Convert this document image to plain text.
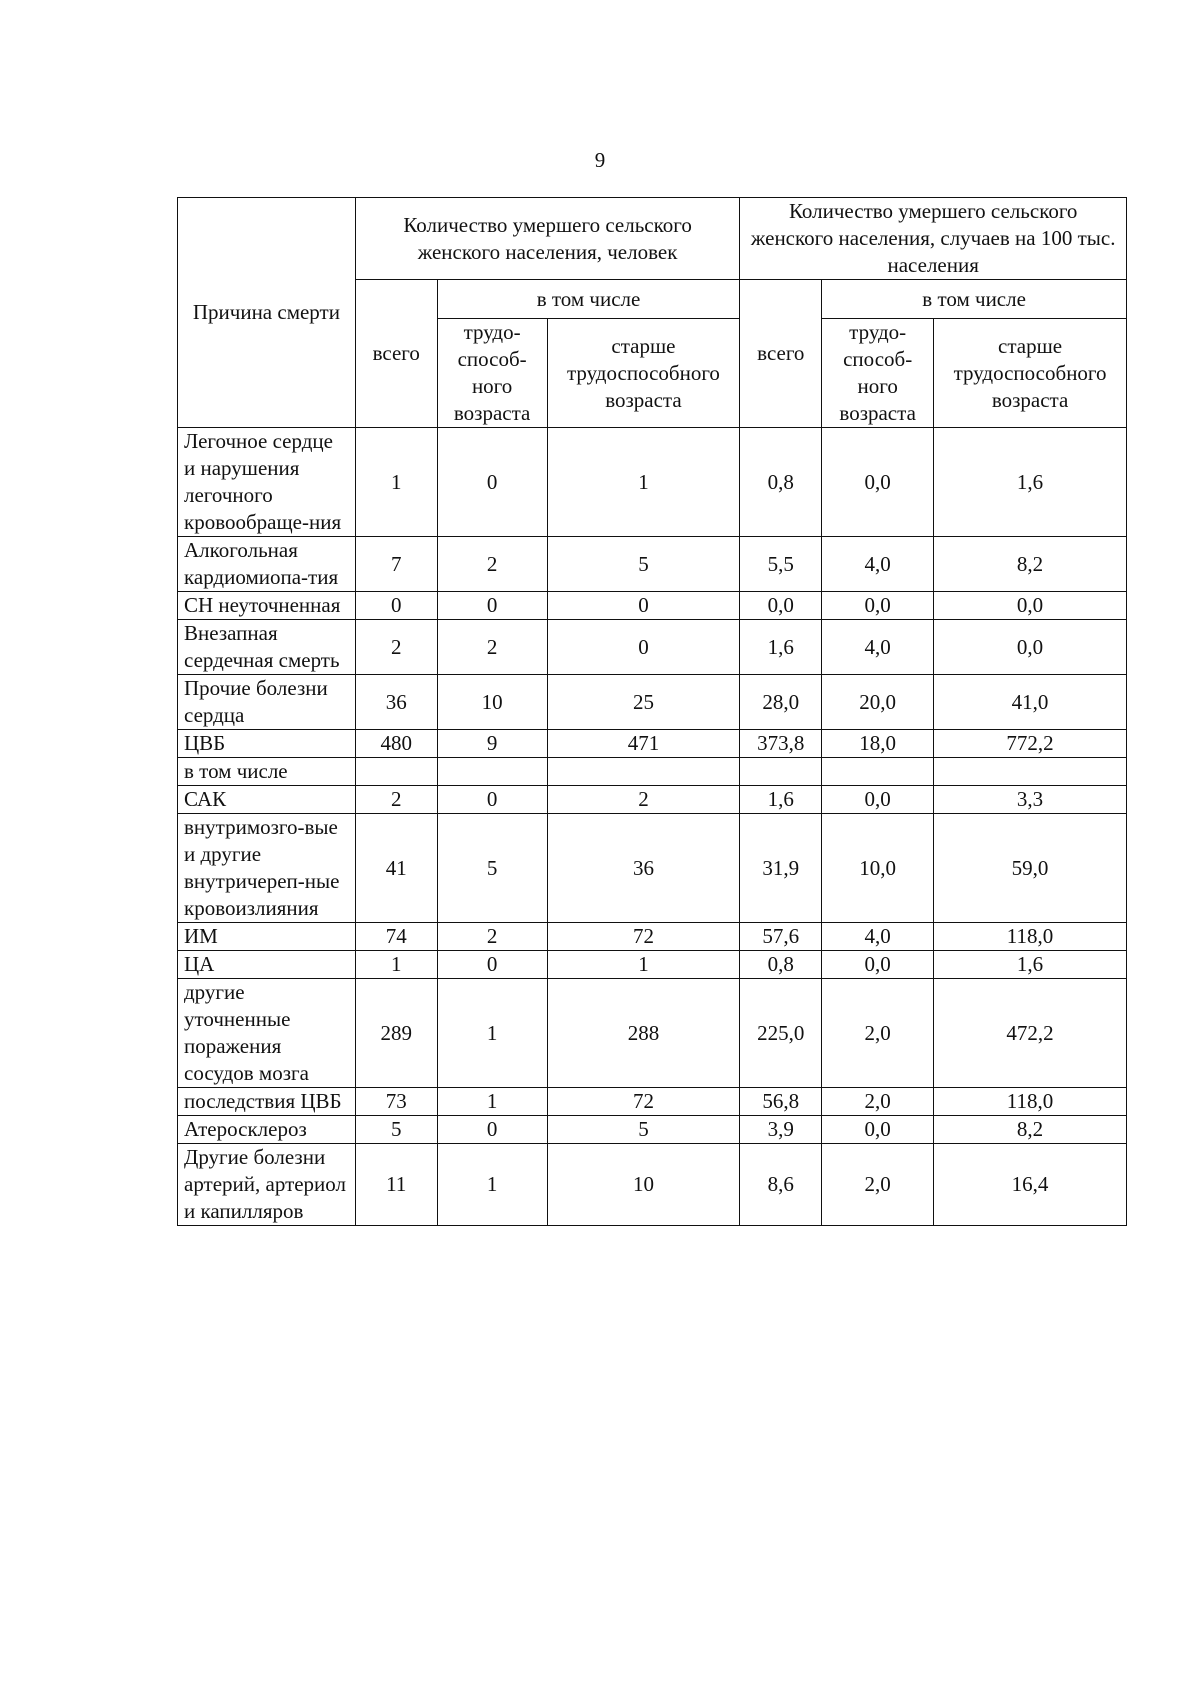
9
Причина смерти	Количество умершего сельского женского населения, человек			Количество умершего сельского женского населения, случаев на 100 тыс. населения		
	всего	в том числе		всего	в том числе	
		трудо-способ-ного возраста	старше трудоспособного возраста		трудо-способ-ного возраста	старше трудоспособного возраста
Легочное сердце и нарушения легочного кровообраще-ния	1	0	1	0,8	0,0	1,6
Алкогольная кардиомиопа-тия	7	2	5	5,5	4,0	8,2
СН неуточненная	0	0	0	0,0	0,0	0,0
Внезапная сердечная смерть	2	2	0	1,6	4,0	0,0
Прочие болезни сердца	36	10	25	28,0	20,0	41,0
ЦВБ	480	9	471	373,8	18,0	772,2
в том числе						
САК	2	0	2	1,6	0,0	3,3
внутримозго-вые и другие внутричереп-ные кровоизлияния	41	5	36	31,9	10,0	59,0
ИМ	74	2	72	57,6	4,0	118,0
ЦА	1	0	1	0,8	0,0	1,6
другие уточненные поражения сосудов мозга	289	1	288	225,0	2,0	472,2
последствия ЦВБ	73	1	72	56,8	2,0	118,0
Атеросклероз	5	0	5	3,9	0,0	8,2
Другие болезни артерий, артериол и капилляров	11	1	10	8,6	2,0	16,4
